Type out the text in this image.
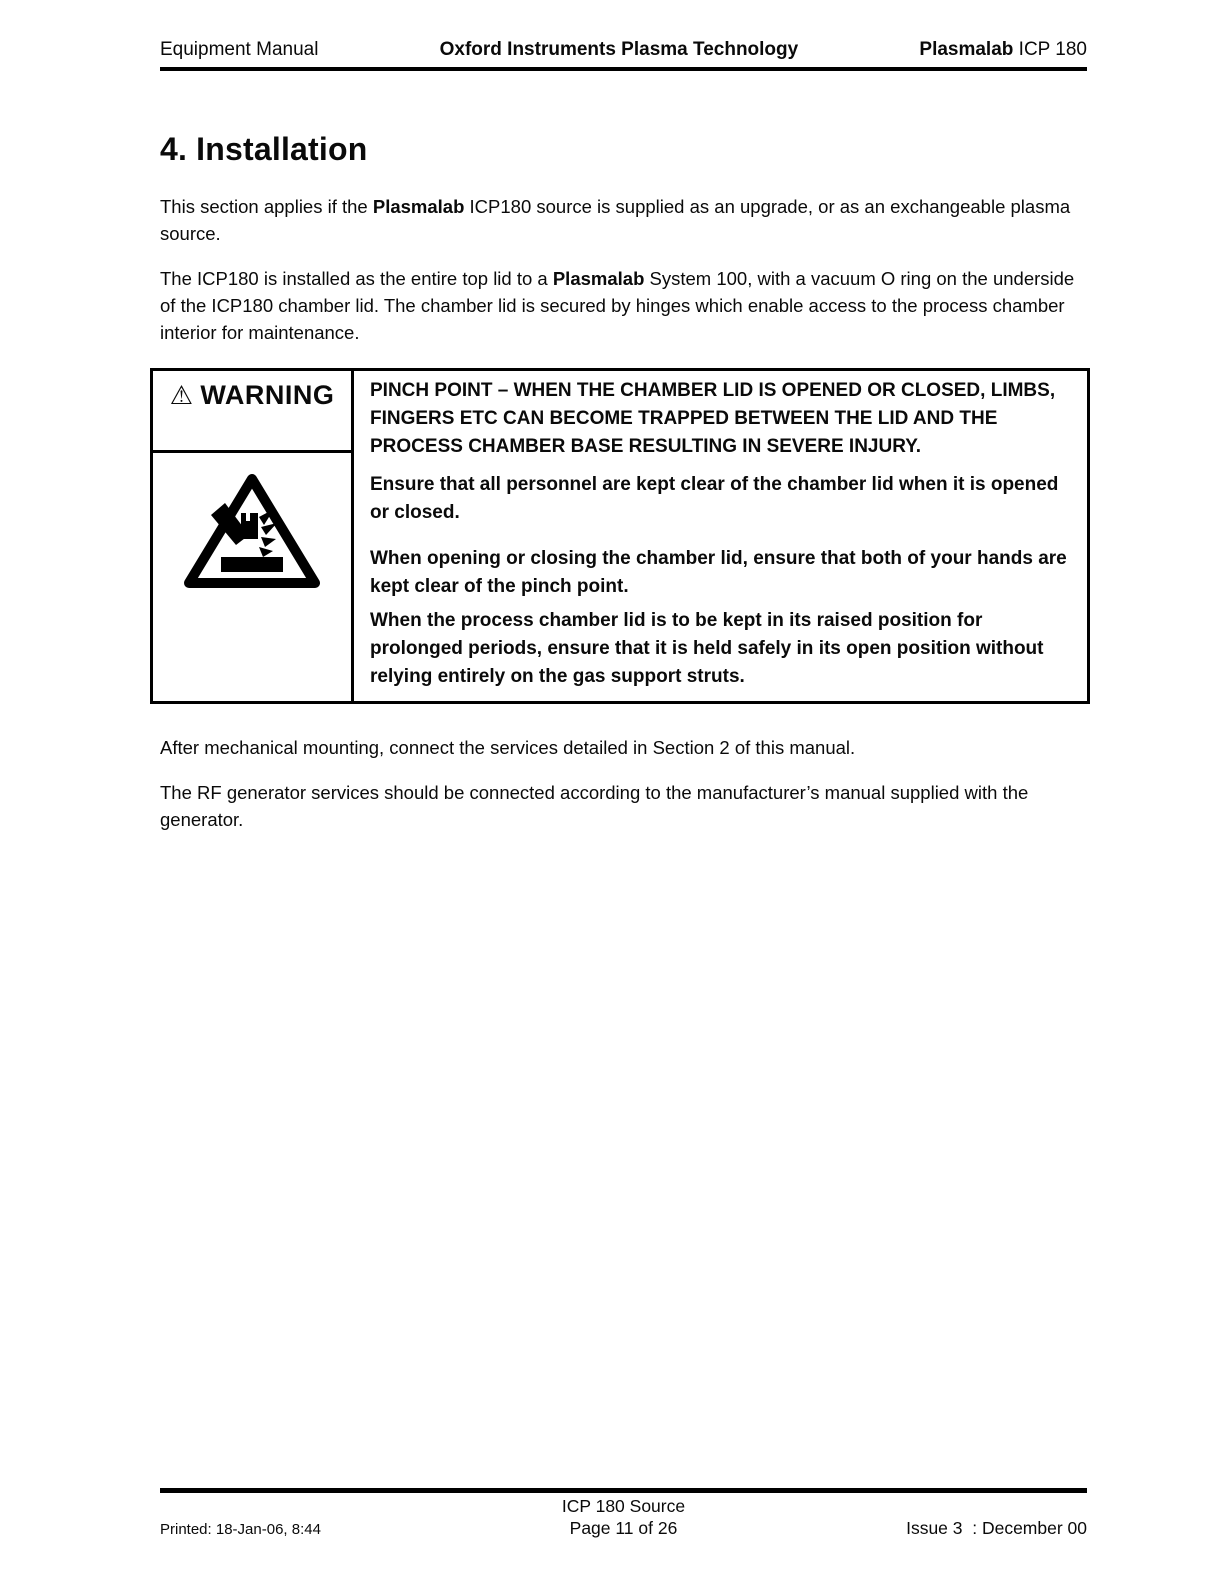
Equipment Manual	Oxford Instruments Plasma Technology	Plasmalab ICP 180
4. Installation

This section applies if the Plasmalab ICP180 source is supplied as an upgrade, or as an exchangeable plasma source.

The ICP180 is installed as the entire top lid to a Plasmalab System 100, with a vacuum O ring on the underside of the ICP180 chamber lid. The chamber lid is secured by hinges which enable access to the process chamber interior for maintenance.

⚠ WARNING PINCH POINT – WHEN THE CHAMBER LID IS OPENED OR CLOSED, LIMBS, FINGERS ETC CAN BECOME TRAPPED BETWEEN THE LID AND THE PROCESS CHAMBER BASE RESULTING IN SEVERE INJURY.

Ensure that all personnel are kept clear of the chamber lid when it is opened or closed.

When opening or closing the chamber lid, ensure that both of your hands are kept clear of the pinch point.

When the process chamber lid is to be kept in its raised position for prolonged periods, ensure that it is held safely in its open position without relying entirely on the gas support struts.

After mechanical mounting, connect the services detailed in Section 2 of this manual.

The RF generator services should be connected according to the manufacturer’s manual supplied with the generator.

Printed: 18-Jan-06, 8:44
ICP 180 Source
Page 11 of 26	Issue 3  : December 00
